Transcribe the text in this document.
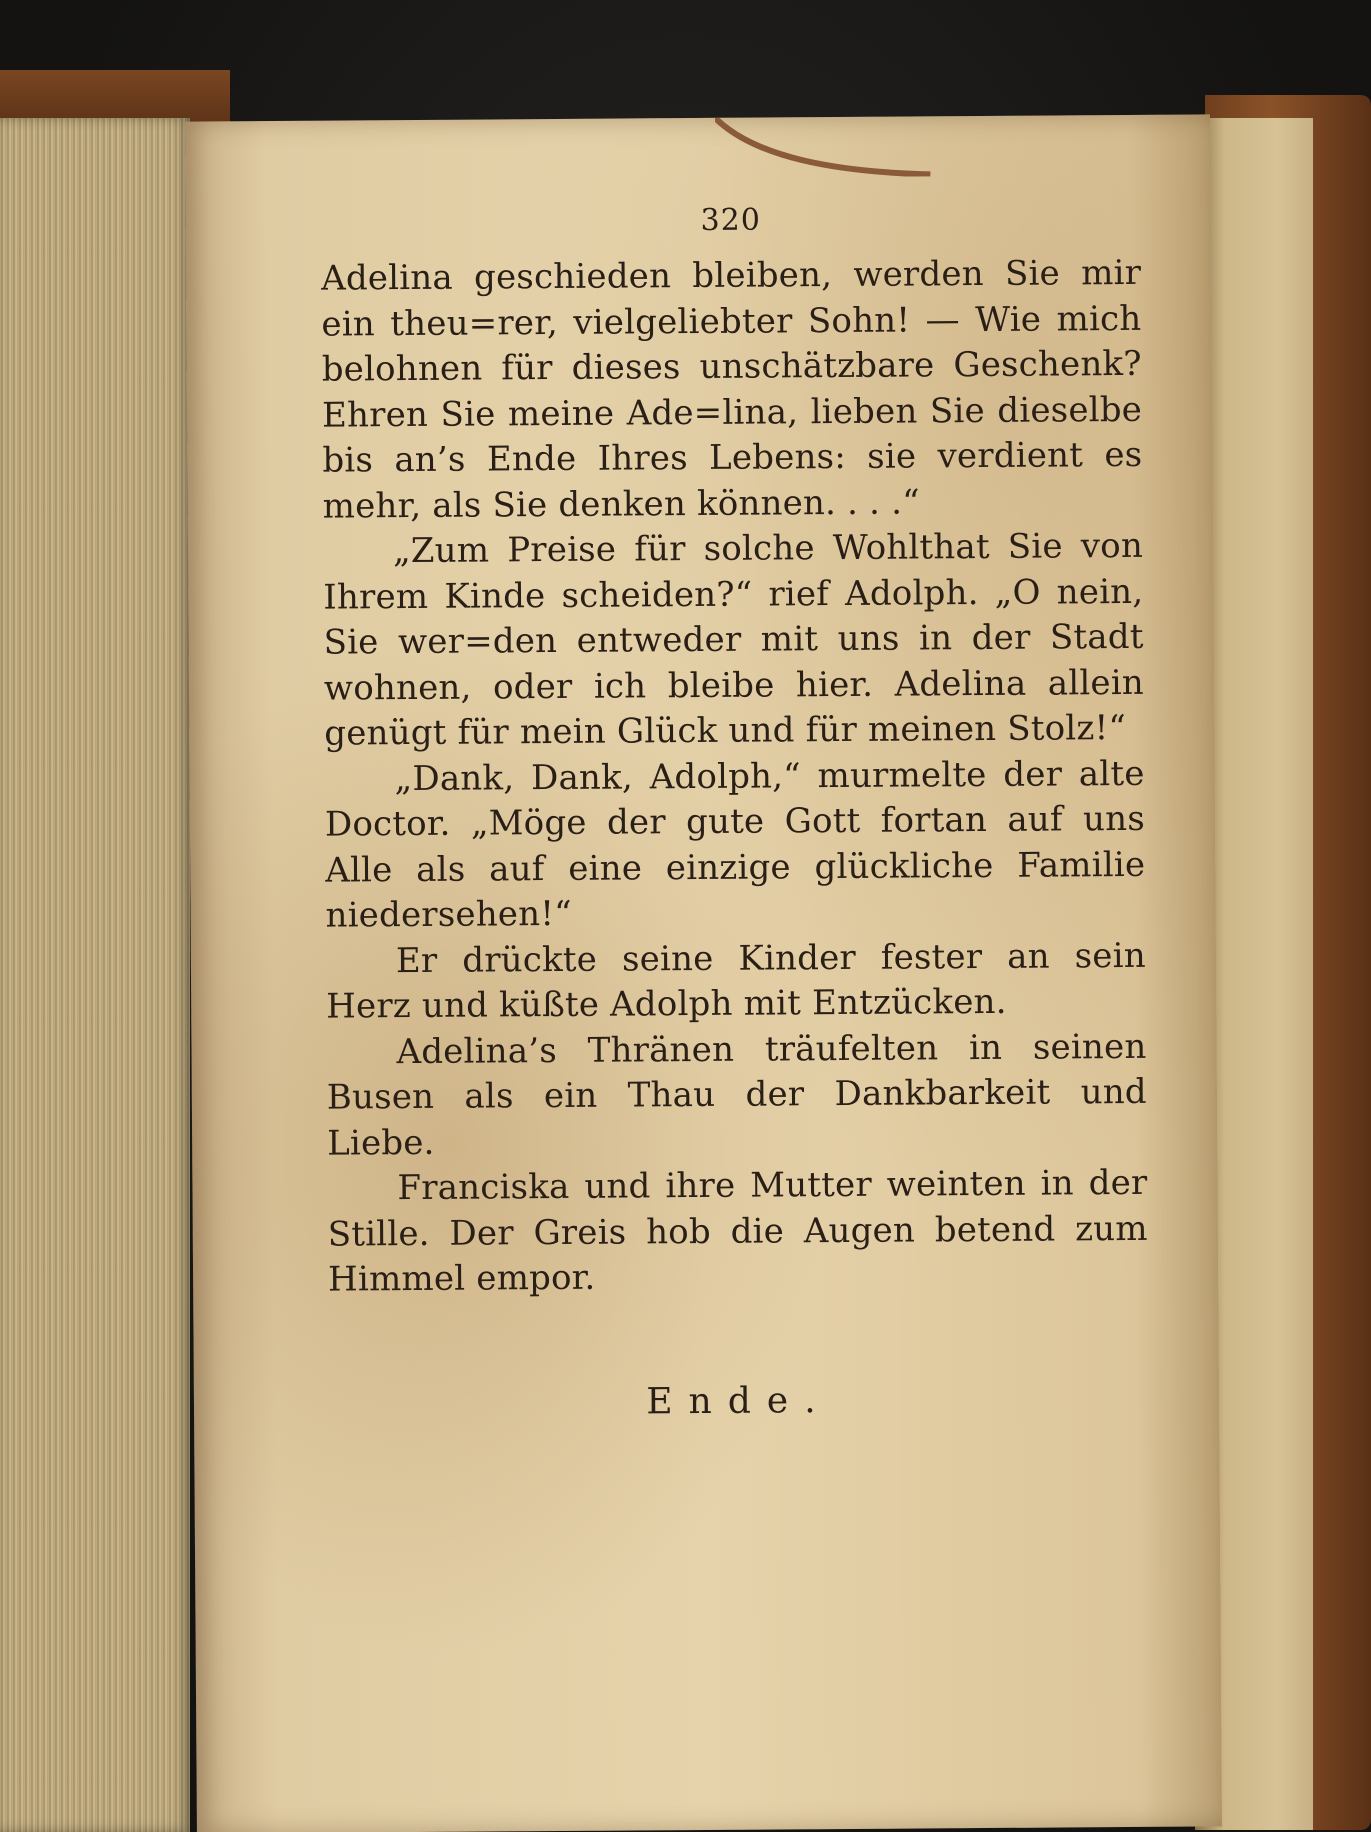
320

Adelina geschieden bleiben, werden Sie mir ein theu=rer, vielgeliebter Sohn! — Wie mich belohnen für dieses unschätzbare Geschenk? Ehren Sie meine Ade=lina, lieben Sie dieselbe bis an’s Ende Ihres Lebens: sie verdient es mehr, als Sie denken können. . . .“

„Zum Preise für solche Wohlthat Sie von Ihrem Kinde scheiden?“ rief Adolph. „O nein, Sie wer=den entweder mit uns in der Stadt wohnen, oder ich bleibe hier. Adelina allein genügt für mein Glück und für meinen Stolz!“

„Dank, Dank, Adolph,“ murmelte der alte Doctor. „Möge der gute Gott fortan auf uns Alle als auf eine einzige glückliche Familie niedersehen!“

Er drückte seine Kinder fester an sein Herz und küßte Adolph mit Entzücken.

Adelina’s Thränen träufelten in seinen Busen als ein Thau der Dankbarkeit und Liebe.

Franciska und ihre Mutter weinten in der Stille. Der Greis hob die Augen betend zum Himmel empor.

Ende.
